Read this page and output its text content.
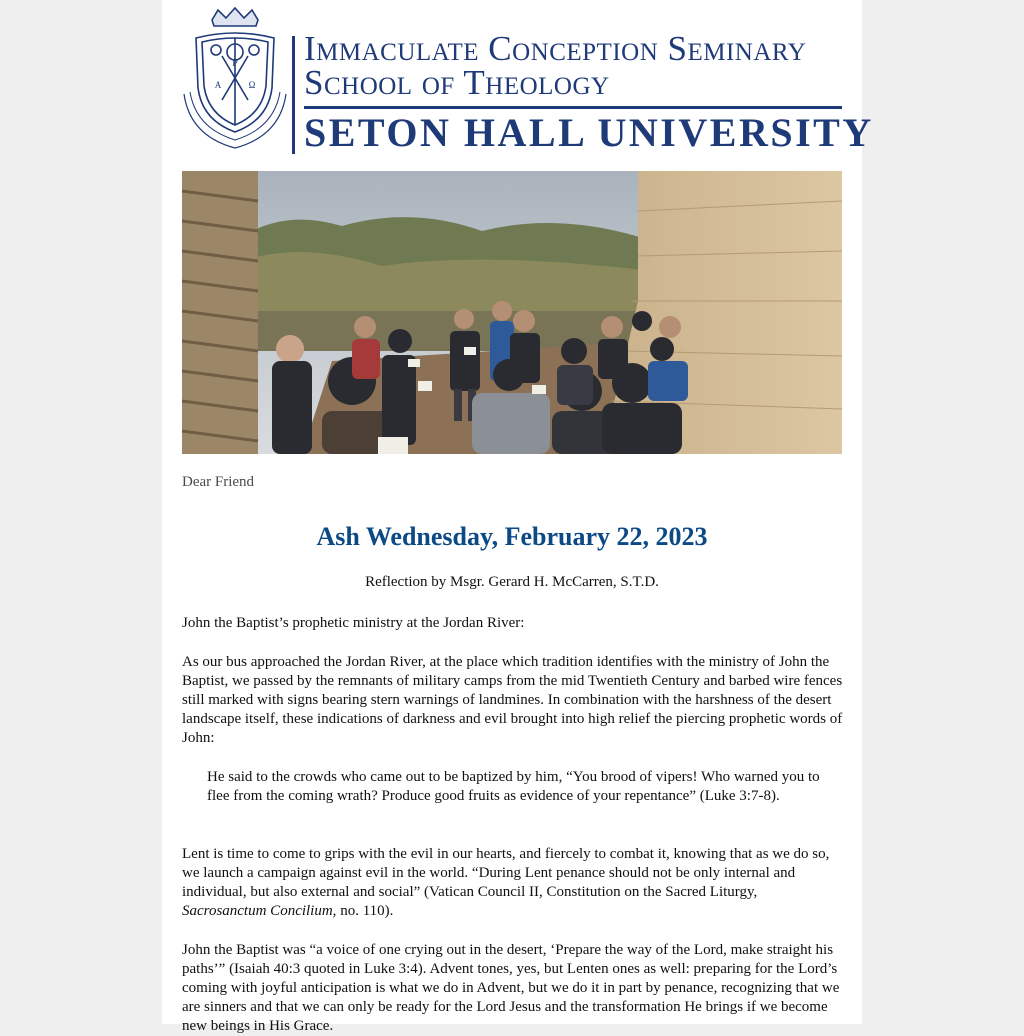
P
A	Ω
Immaculate Conception Seminary
School of Theology
SETON HALL UNIVERSITY
Dear Friend
Ash Wednesday, February 22, 2023
Reflection by Msgr. Gerard H. McCarren, S.T.D.

John the Baptist’s prophetic ministry at the Jordan River:

As our bus approached the Jordan River, at the place which tradition identifies with the ministry of John the Baptist, we passed by the remnants of military camps from the mid Twentieth Century and barbed wire fences still marked with signs bearing stern warnings of landmines. In combination with the harshness of the desert landscape itself, these indications of darkness and evil brought into high relief the piercing prophetic words of John:

He said to the crowds who came out to be baptized by him, “You brood of vipers! Who warned you to flee from the coming wrath? Produce good fruits as evidence of your repentance” (Luke 3:7-8).

Lent is time to come to grips with the evil in our hearts, and fiercely to combat it, knowing that as we do so, we launch a campaign against evil in the world. “During Lent penance should not be only internal and individual, but also external and social” (Vatican Council II, Constitution on the Sacred Liturgy, Sacrosanctum Concilium, no. 110).

John the Baptist was “a voice of one crying out in the desert, ‘Prepare the way of the Lord, make straight his paths’” (Isaiah 40:3 quoted in Luke 3:4). Advent tones, yes, but Lenten ones as well: preparing for the Lord’s coming with joyful anticipation is what we do in Advent, but we do it in part by penance, recognizing that we are sinners and that we can only be ready for the Lord Jesus and the transformation He brings if we become new beings in His Grace.
